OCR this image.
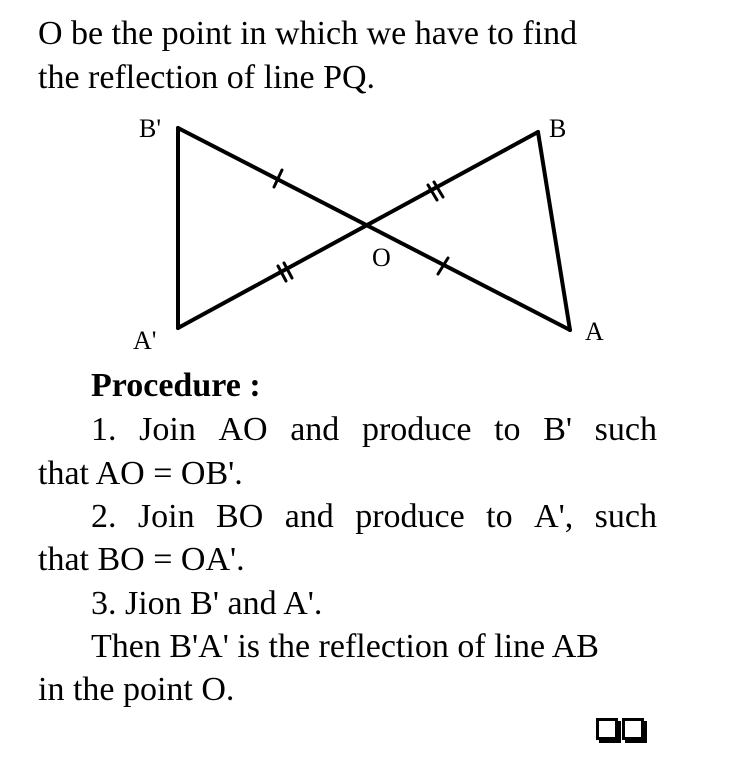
O be the point in which we have to find
the reflection of line PQ.
B'	B
O
A'	A
Procedure :
1. Join AO and produce to B' such
that AO = OB'.
2. Join BO and produce to A', such
that BO = OA'.
3. Jion B' and A'.
Then B'A' is the reflection of line AB
in the point O.
